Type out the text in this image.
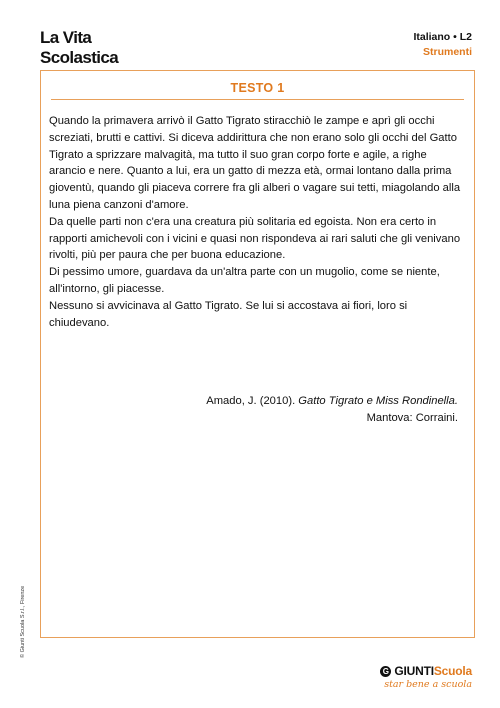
La Vita
Scolastica
Italiano • L2
Strumenti
TESTO 1

Quando la primavera arrivò il Gatto Tigrato stiracchiò le zampe e aprì gli occhi screziati, brutti e cattivi. Si diceva addirittura che non erano solo gli occhi del Gatto Tigrato a sprizzare malvagità, ma tutto il suo gran corpo forte e agile, a righe arancio e nere. Quanto a lui, era un gatto di mezza età, ormai lontano dalla prima gioventù, quando gli piaceva correre fra gli alberi o vagare sui tetti, miagolando alla luna piena canzoni d'amore.

Da quelle parti non c'era una creatura più solitaria ed egoista. Non era certo in rapporti amichevoli con i vicini e quasi non rispondeva ai rari saluti che gli venivano rivolti, più per paura che per buona educazione.

Di pessimo umore, guardava da un'altra parte con un mugolio, come se niente, all'intorno, gli piacesse.

Nessuno si avvicinava al Gatto Tigrato. Se lui si accostava ai fiori, loro si chiudevano.

Amado, J. (2010). Gatto Tigrato e Miss Rondinella.
Mantova: Corraini.
© Giunti Scuola S.r.l., Firenze
G GIUNTIScuola
star bene a scuola
